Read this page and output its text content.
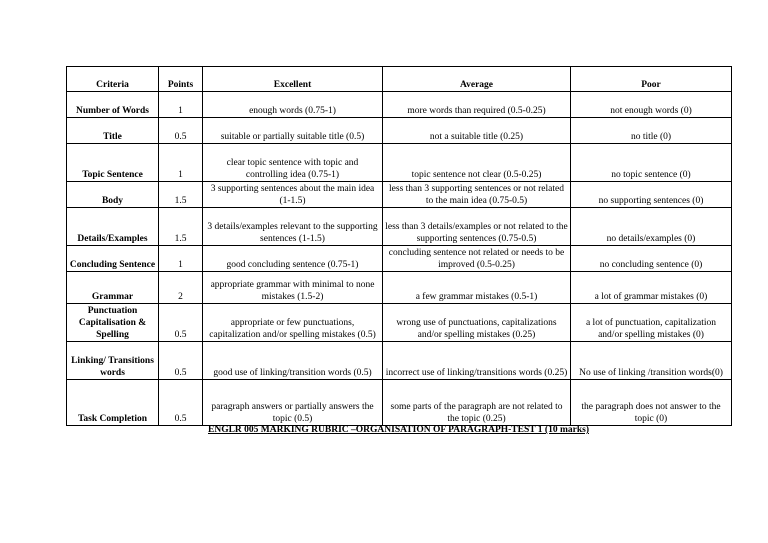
Criteria	Points	Excellent	Average	Poor
Number of Words	1	enough words (0.75-1)	more words than required (0.5-0.25)	not enough words (0)
Title	0.5	suitable or partially suitable title (0.5)	not a suitable title (0.25)	no title (0)
Topic Sentence	1	clear topic sentence with topic and controlling idea (0.75-1)	topic sentence not clear (0.5-0.25)	no topic sentence (0)
Body	1.5	3 supporting sentences about the main idea (1-1.5)	less than 3 supporting sentences or not related to the main idea (0.75-0.5)	no supporting sentences (0)
Details/Examples	1.5	3 details/examples relevant to the supporting sentences (1-1.5)	less than 3 details/examples or not related to the supporting sentences (0.75-0.5)	no details/examples (0)
Concluding Sentence	1	good concluding sentence (0.75-1)	concluding sentence not related or needs to be improved (0.5-0.25)	no concluding sentence (0)
Grammar	2	appropriate grammar with minimal to none mistakes (1.5-2)	a few grammar mistakes (0.5-1)	a lot of grammar mistakes (0)
Punctuation Capitalisation & Spelling	0.5	appropriate or few punctuations, capitalization and/or spelling mistakes (0.5)	wrong use of punctuations, capitalizations and/or spelling mistakes (0.25)	a lot of punctuation, capitalization and/or spelling mistakes (0)
Linking/ Transitions words	0.5	good use of linking/transition words (0.5)	incorrect use of linking/transitions words (0.25)	No use of linking /transition words(0)
Task Completion	0.5	paragraph answers or partially answers the topic (0.5)	some parts of the paragraph are not related to the topic (0.25)	the paragraph does not answer to the topic (0)
ENGLR 005 MARKING RUBRIC –ORGANISATION OF PARAGRAPH-TEST 1 (10 marks)
